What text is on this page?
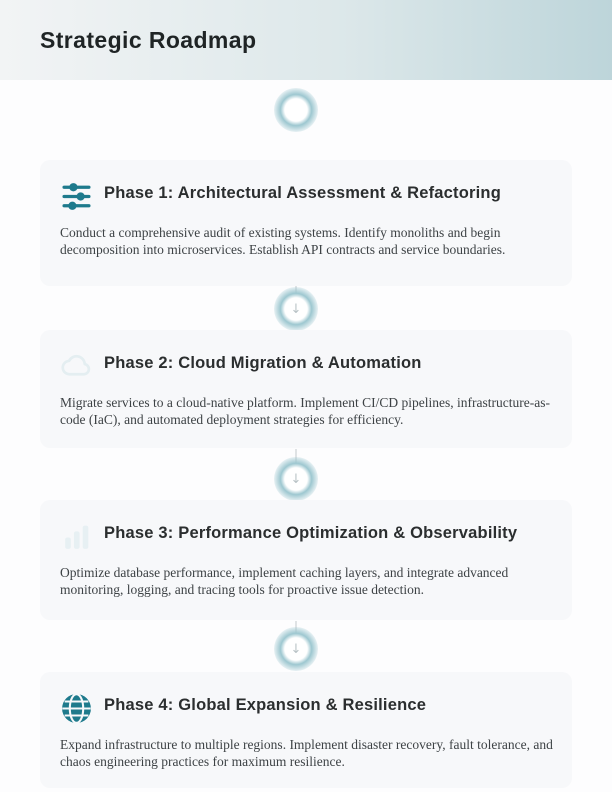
Strategic Roadmap
Phase 1: Architectural Assessment & Refactoring

Conduct a comprehensive audit of existing systems. Identify monoliths and begin decomposition into microservices. Establish API contracts and service boundaries.

↓
Phase 2: Cloud Migration & Automation

Migrate services to a cloud-native platform. Implement CI/CD pipelines, infrastructure-as-code (IaC), and automated deployment strategies for efficiency.

↓
Phase 3: Performance Optimization & Observability

Optimize database performance, implement caching layers, and integrate advanced monitoring, logging, and tracing tools for proactive issue detection.

↓
Phase 4: Global Expansion & Resilience

Expand infrastructure to multiple regions. Implement disaster recovery, fault tolerance, and chaos engineering practices for maximum resilience.
